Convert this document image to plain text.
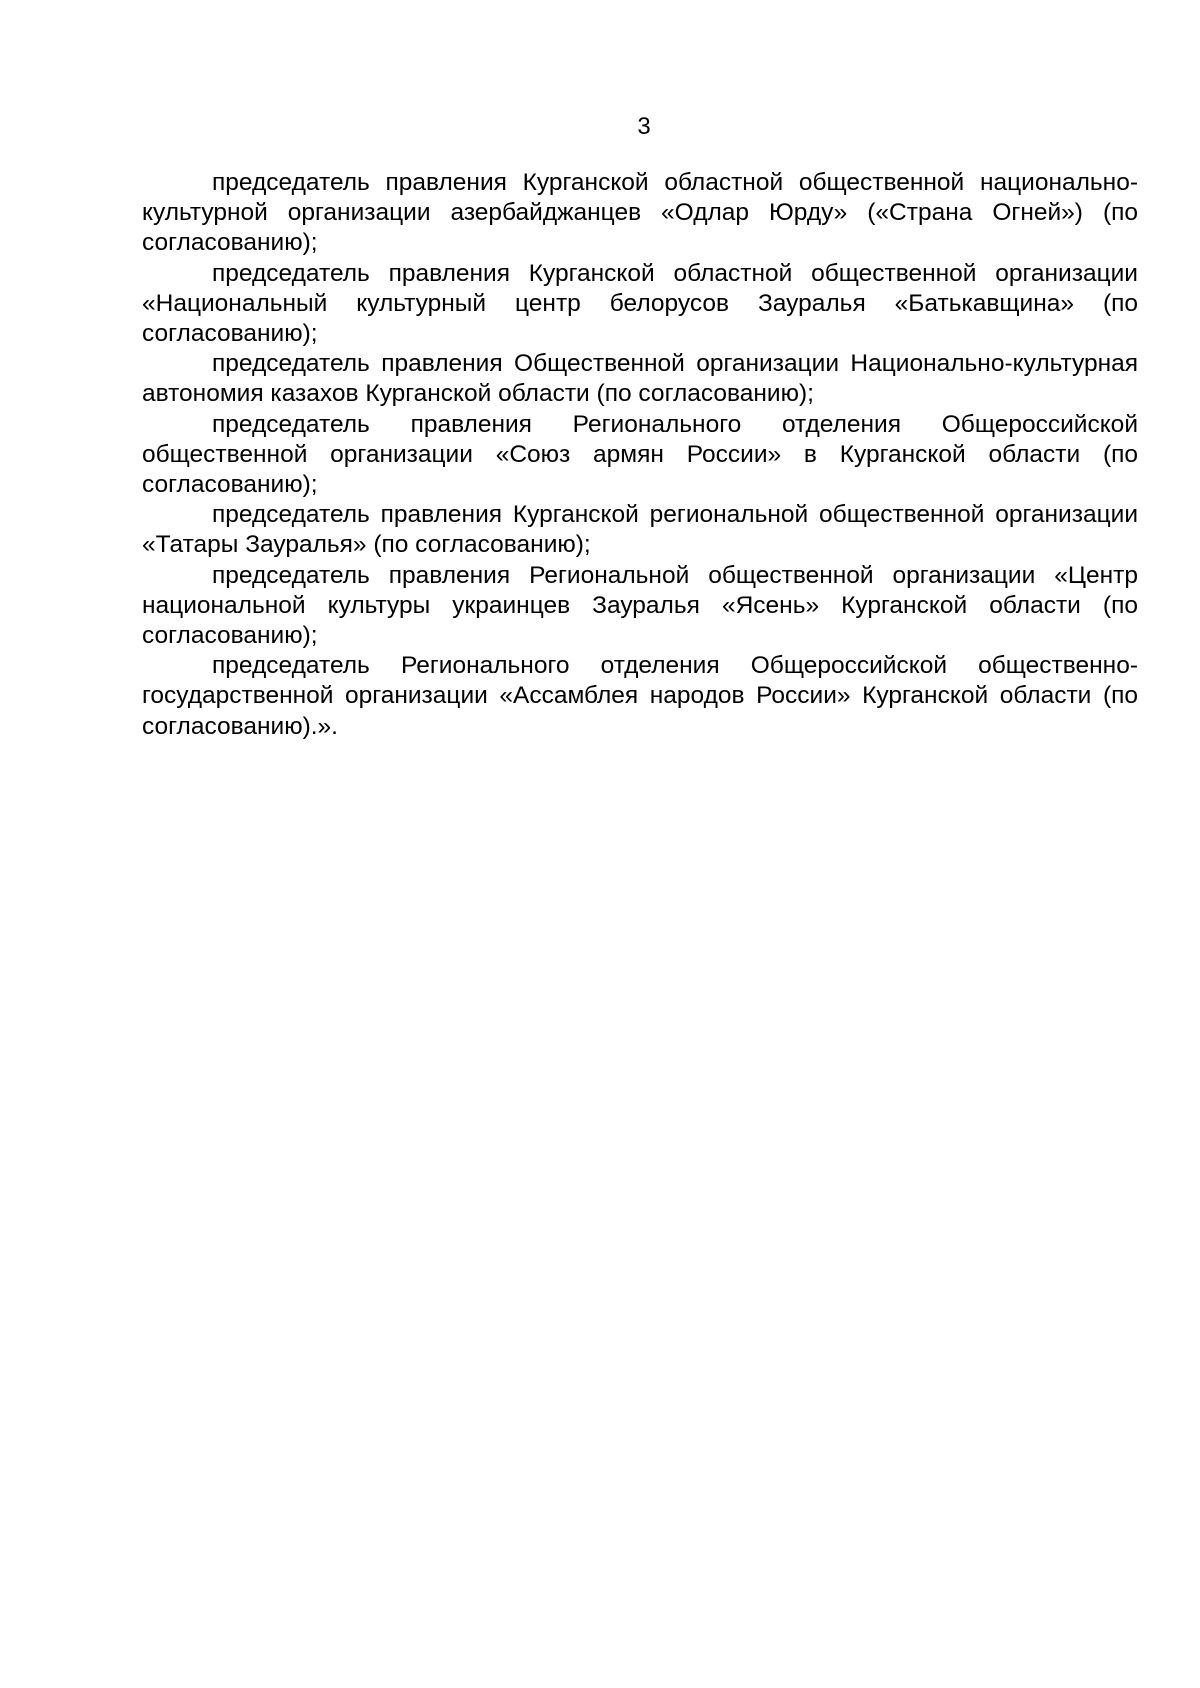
3

председатель правления Курганской областной общественной национально-культурной организации азербайджанцев «Одлар Юрду» («Страна Огней») (по согласованию);

председатель правления Курганской областной общественной организации «Национальный культурный центр белорусов Зауралья «Батькавщина» (по согласованию);

председатель правления Общественной организации Национально-культурная автономия казахов Курганской области (по согласованию);

председатель правления Регионального отделения Общероссийской общественной организации «Союз армян России» в Курганской области (по согласованию);

председатель правления Курганской региональной общественной организации «Татары Зауралья» (по согласованию);

председатель правления Региональной общественной организации «Центр национальной культуры украинцев Зауралья «Ясень» Курганской области (по согласованию);

председатель Регионального отделения Общероссийской общественно-государственной организации «Ассамблея народов России» Курганской области (по согласованию).».
